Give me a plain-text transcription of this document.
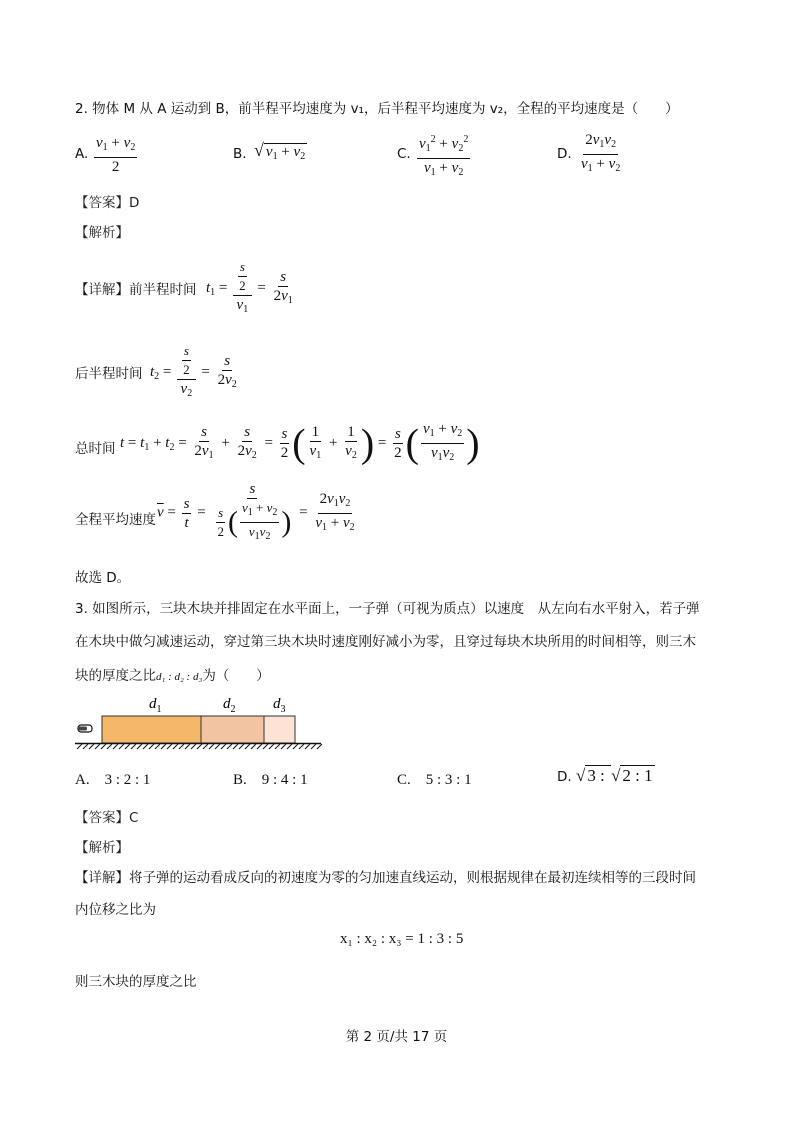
2. 物体 M 从 A 运动到 B，前半程平均速度为 v₁，后半程平均速度为 v₂，全程的平均速度是（　　）
A. $\frac{v_1 + v_2}{2}$	B. √ $v_1 + v_2$	C. $\frac{v_1^2 + v_2^2}{v_1 + v_2}$	D. $\frac{2v_1v_2}{v_1 + v_2}$
【答案】D
【解析】
【详解】前半程时间 $t_1 = \frac{\frac{s}{2}}{v_1} = \frac{s}{2v_1}$
后半程时间 $t_2 = \frac{\frac{s}{2}}{v_2} = \frac{s}{2v_2}$
总时间 $t = t_1 + t_2 = \frac{s}{2v_1} + \frac{s}{2v_2} = \frac{s}{2}$ ( $\frac{1}{v_1} + \frac{1}{v_2}$ ) = $\frac{s}{2}$ ( $\frac{v_1 + v_2}{v_1v_2}$ )
全程平均速度 $\overline{v} = \frac{s}{t} = \frac{s}{\frac{s}{2} ( \frac{v_1 + v_2}{v_1v_2} )} = \frac{2v_1v_2}{v_1 + v_2}$
故选 D。
3. 如图所示，三块木块并排固定在水平面上，一子弹（可视为质点）以速度　从左向右水平射入，若子弹
在木块中做匀减速运动，穿过第三块木块时速度刚好减小为零，且穿过每块木块所用的时间相等，则三木
块的厚度之比d₁ : d₂ : d₃为（　　）
$d_1$	$d_2$	$d_3$
A.　3 : 2 : 1	B.　9 : 4 : 1	C.　5 : 3 : 1	D. √ 3 : √ 2 : 1
【答案】C
【解析】
【详解】将子弹的运动看成反向的初速度为零的匀加速直线运动，则根据规律在最初连续相等的三段时间
内位移之比为
x₁ : x₂ : x₃ = 1 : 3 : 5
则三木块的厚度之比
第 2 页/共 17 页
